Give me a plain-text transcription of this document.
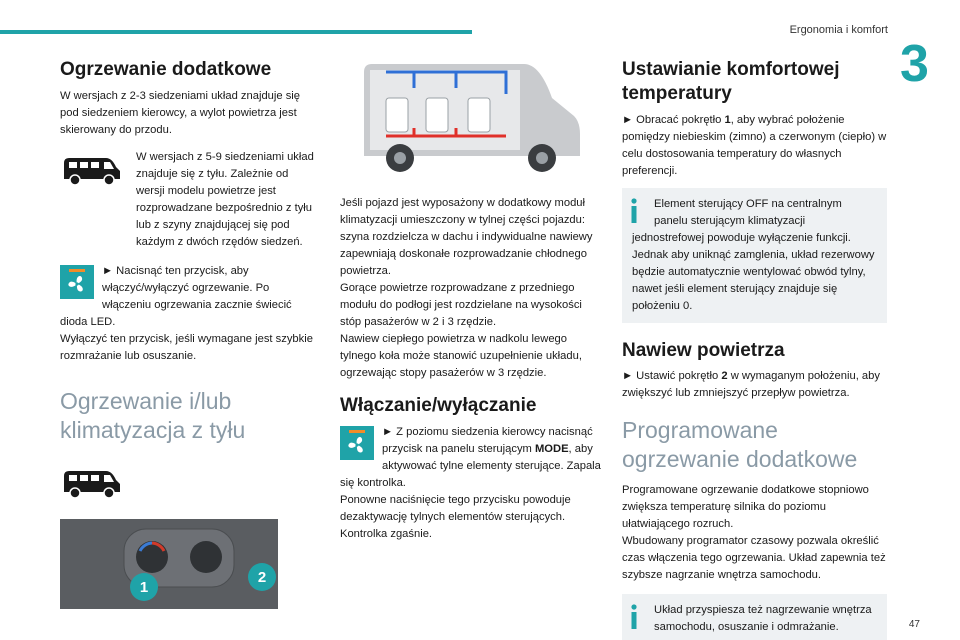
Ergonomia i komfort
3
Ogrzewanie dodatkowe

W wersjach z 2-3 siedzeniami układ znajduje się pod siedzeniem kierowcy, a wylot powietrza jest skierowany do przodu.

W wersjach z 5-9 siedzeniami układ znajduje się z tyłu. Zależnie od wersji modelu powietrze jest rozprowadzane bezpośrednio z tyłu lub z szyny znajdującej się pod każdym z dwóch rzędów siedzeń.

► Nacisnąć ten przycisk, aby włączyć/wyłączyć ogrzewanie. Po włączeniu ogrzewania zacznie świecić dioda LED.

Wyłączyć ten przycisk, jeśli wymagane jest szybkie rozmrażanie lub osuszanie.

Ogrzewanie i/lub klimatyzacja z tyłu

1
2

Jeśli pojazd jest wyposażony w dodatkowy moduł klimatyzacji umieszczony w tylnej części pojazdu: szyna rozdzielcza w dachu i indywidualne nawiewy zapewniają doskonałe rozprowadzanie chłodnego powietrza.

Gorące powietrze rozprowadzane z przedniego modułu do podłogi jest rozdzielane na wysokości stóp pasażerów w 2 i 3 rzędzie.

Nawiew ciepłego powietrza w nadkolu lewego tylnego koła może stanowić uzupełnienie układu, ogrzewając stopy pasażerów w 3 rzędzie.

Włączanie/wyłączanie

► Z poziomu siedzenia kierowcy nacisnąć przycisk na panelu sterującym MODE, aby aktywować tylne elementy sterujące. Zapala się kontrolka.

Ponowne naciśnięcie tego przycisku powoduje dezaktywację tylnych elementów sterujących. Kontrolka zgaśnie.

Ustawianie komfortowej temperatury

► Obracać pokrętło 1, aby wybrać położenie pomiędzy niebieskim (zimno) a czerwonym (ciepło) w celu dostosowania temperatury do własnych preferencji.

Element sterujący OFF na centralnym panelu sterującym klimatyzacji

jednostrefowej powoduje wyłączenie funkcji. Jednak aby uniknąć zamglenia, układ rezerwowy będzie automatycznie wentylować obwód tylny, nawet jeśli element sterujący znajduje się położeniu 0.

Nawiew powietrza

► Ustawić pokrętło 2 w wymaganym położeniu, aby zwiększyć lub zmniejszyć przepływ powietrza.

Programowane ogrzewanie dodatkowe

Programowane ogrzewanie dodatkowe stopniowo zwiększa temperaturę silnika do poziomu ułatwiającego rozruch.

Wbudowany programator czasowy pozwala określić czas włączenia tego ogrzewania. Układ zapewnia też szybsze nagrzanie wnętrza samochodu.

Układ przyspiesza też nagrzewanie wnętrza samochodu, osuszanie i odmrażanie.	47
